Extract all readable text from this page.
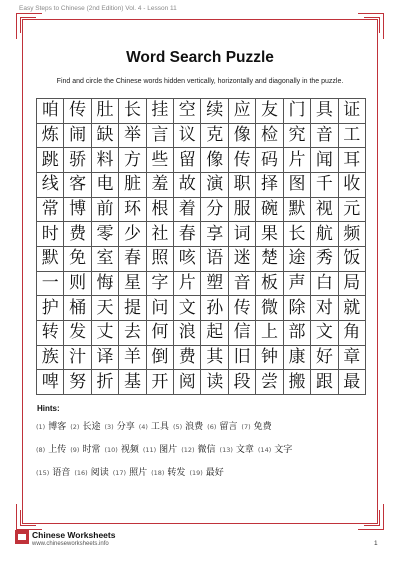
Easy Steps to Chinese (2nd Edition) Vol. 4 - Lesson 11
Word Search Puzzle
Find and circle the Chinese words hidden vertically, horizontally and diagonally in the puzzle.
咱 传 肚 长 挂 空 续 应 友 门 具 证
炼 闹 缺 举 言 议 克 像 检 究 音 工
跳 骄 料 方 些 留 像 传 码 片 闻 耳
线 客 电 脏 羞 故 演 职 择 图 千 收
常 博 前 环 根 着 分 服 碗 默 视 元
时 费 零 少 社 春 享 词 果 长 航 频
默 免 室 春 照 咳 语 迷 楚 途 秀 饭
一 则 悔 星 字 片 塑 音 板 声 白 局
护 桶 天 提 问 文 孙 传 微 除 对 就
转 发 丈 去 何 浪 起 信 上 部 文 角
族 汁 译 羊 倒 费 其 旧 钟 康 好 章
啤 努 折 基 开 阅 读 段 尝 搬 跟 最
Hints:
(1) 博客 (2) 长途 (3) 分享 (4) 工具 (5) 浪费 (6) 留言 (7) 免费
(8) 上传 (9) 时常 (10) 视频 (11) 图片 (12) 微信 (13) 文章 (14) 文字
(15) 语音 (16) 阅读 (17) 照片 (18) 转发 (19) 最好
Chinese Worksheets
www.chineseworksheets.info	1
